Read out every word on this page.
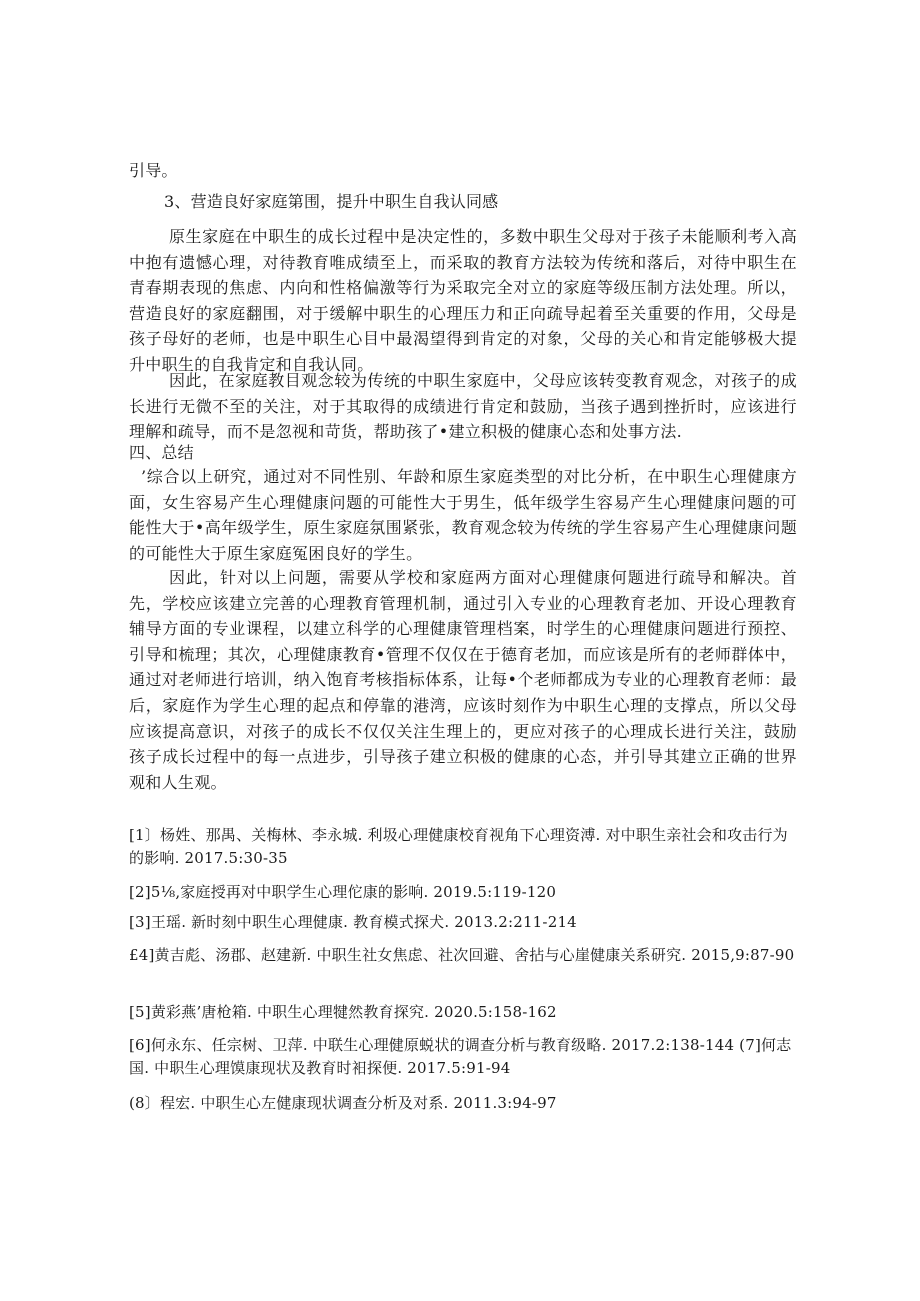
引导。
3、营造良好家庭第围，提升中职生自我认同感

原生家庭在中职生的成长过程中是决定性的，多数中职生父母对于孩子未能顺利考入高中抱有遗憾心理，对待教育唯成绩至上，而采取的教育方法较为传统和落后，对待中职生在青春期表现的焦虑、内向和性格偏激等行为采取完全对立的家庭等级压制方法处理。所以，营造良好的家庭翻围，对于缓解中职生的心理压力和正向疏导起着至关重要的作用，父母是孩子母好的老师，也是中职生心目中最渴望得到肯定的对象，父母的关心和肯定能够极大提升中职生的自我肯定和自我认同。

因此，在家庭教目观念较为传统的中职生家庭中，父母应该转变教育观念，对孩子的成长进行无微不至的关注，对于其取得的成绩进行肯定和鼓励，当孩子遇到挫折时，应该进行理解和疏导，而不是忽视和苛货，帮助孩了•建立积极的健康心态和处事方法.

四、总结

’综合以上研究，通过对不同性别、年龄和原生家庭类型的对比分析，在中职生心理健康方面，女生容易产生心理健康问题的可能性大于男生，低年级学生容易产生心理健康问题的可能性大于•高年级学生，原生家庭氛围紧张，教育观念较为传统的学生容易产生心理健康问题的可能性大于原生家庭冤困良好的学生。

因此，针对以上问题，需要从学校和家庭两方面对心理健康何题进行疏导和解决。首先，学校应该建立完善的心理教育管理机制，通过引入专业的心理教育老加、开设心理教育辅导方面的专业课程，以建立科学的心理健康管理档案，时学生的心理健康问题进行预控、引导和梳理；其次，心理健康教育•管理不仅仅在于德育老加，而应该是所有的老师群体中，通过对老师进行培训，纳入饱育考核指标体系，让每•个老师都成为专业的心理教育老师：最后，家庭作为学生心理的起点和停靠的港湾，应该时刻作为中职生心理的支撑点，所以父母应该提高意识，对孩子的成长不仅仅关注生理上的，更应对孩子的心理成长进行关注，鼓励孩子成长过程中的每一点进步，引导孩子建立积极的健康的心态，并引导其建立正确的世界观和人生观。

[1〕杨姓、那禺、关梅林、李永城. 利圾心理健康校育视角下心理资溥. 对中职生亲社会和攻击行为的影响. 2017.5:30-35

[2]5⅛,家庭授再对中职学生心理佗康的影响. 2019.5:119-120

[3]王瑶. 新时刻中职生心理健康. 教育模式探犬. 2013.2:211-214

£4]黄吉彪、汤郡、赵建新. 中职生社女焦虑、社次回避、舍拈与心崖健康关系研究. 2015,9:87-90

[5]黄彩燕’唐枪箱. 中职生心理犍然教育探究. 2020.5:158-162

[6]何永东、任宗树、卫萍. 中联生心理健原蜕状的调查分析与教育级略. 2017.2:138-144 (7]何志国. 中职生心理馍康现状及教育时衵探便. 2017.5:91-94

(8〕程宏. 中职生心左健康现状调查分析及对系. 2011.3:94-97
